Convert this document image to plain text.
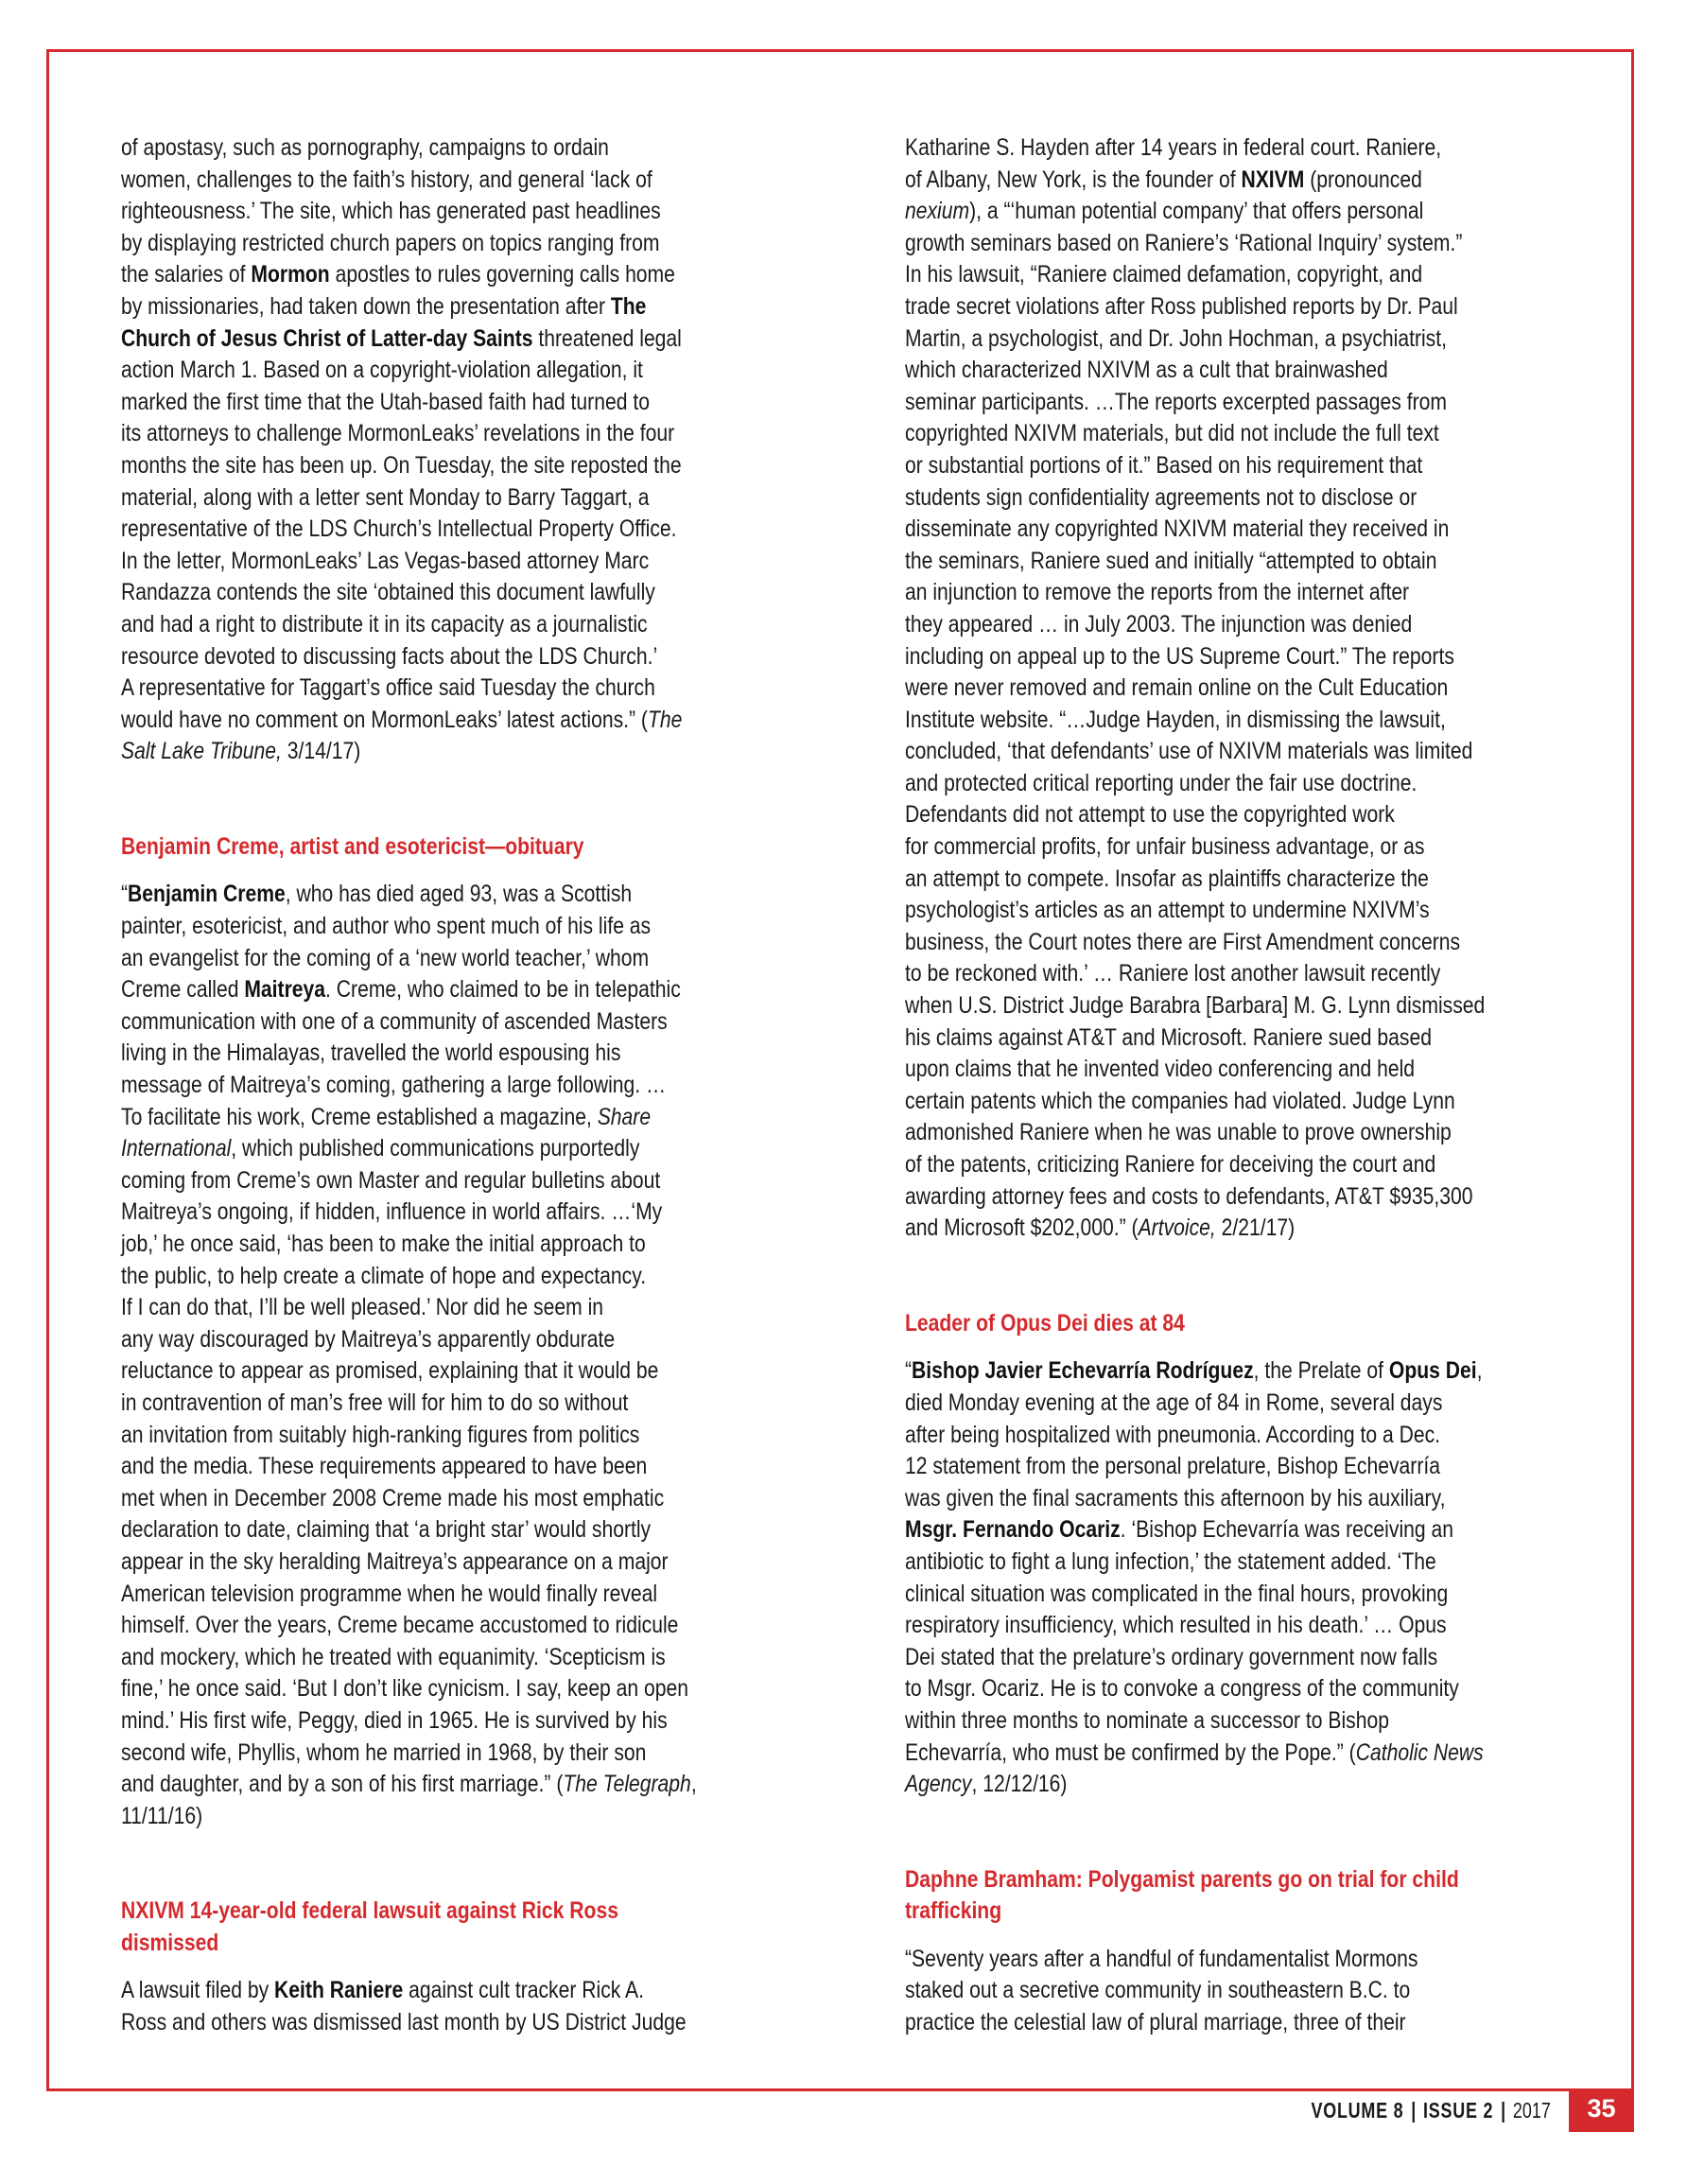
of apostasy, such as pornography, campaigns to ordain
women, challenges to the faith’s history, and general ‘lack of
righteousness.’ The site, which has generated past headlines
by displaying restricted church papers on topics ranging from
the salaries of Mormon apostles to rules governing calls home
by missionaries, had taken down the presentation after The
Church of Jesus Christ of Latter-day Saints threatened legal
action March 1. Based on a copyright-violation allegation, it
marked the first time that the Utah-based faith had turned to
its attorneys to challenge MormonLeaks’ revelations in the four
months the site has been up. On Tuesday, the site reposted the
material, along with a letter sent Monday to Barry Taggart, a
representative of the LDS Church’s Intellectual Property Office.
In the letter, MormonLeaks’ Las Vegas-based attorney Marc
Randazza contends the site ‘obtained this document lawfully
and had a right to distribute it in its capacity as a journalistic
resource devoted to discussing facts about the LDS Church.’
A representative for Taggart’s office said Tuesday the church
would have no comment on MormonLeaks’ latest actions.” (The
Salt Lake Tribune, 3/14/17)
Benjamin Creme, artist and esotericist—obituary
“Benjamin Creme, who has died aged 93, was a Scottish
painter, esotericist, and author who spent much of his life as
an evangelist for the coming of a ‘new world teacher,’ whom
Creme called Maitreya. Creme, who claimed to be in telepathic
communication with one of a community of ascended Masters
living in the Himalayas, travelled the world espousing his
message of Maitreya’s coming, gathering a large following. …
To facilitate his work, Creme established a magazine, Share
International, which published communications purportedly
coming from Creme’s own Master and regular bulletins about
Maitreya’s ongoing, if hidden, influence in world affairs. …‘My
job,’ he once said, ‘has been to make the initial approach to
the public, to help create a climate of hope and expectancy.
If I can do that, I’ll be well pleased.’ Nor did he seem in
any way discouraged by Maitreya’s apparently obdurate
reluctance to appear as promised, explaining that it would be
in contravention of man’s free will for him to do so without
an invitation from suitably high-ranking figures from politics
and the media. These requirements appeared to have been
met when in December 2008 Creme made his most emphatic
declaration to date, claiming that ‘a bright star’ would shortly
appear in the sky heralding Maitreya’s appearance on a major
American television programme when he would finally reveal
himself. Over the years, Creme became accustomed to ridicule
and mockery, which he treated with equanimity. ‘Scepticism is
fine,’ he once said. ‘But I don’t like cynicism. I say, keep an open
mind.’ His first wife, Peggy, died in 1965. He is survived by his
second wife, Phyllis, whom he married in 1968, by their son
and daughter, and by a son of his first marriage.” (The Telegraph,
11/11/16)
NXIVM 14-year-old federal lawsuit against Rick Ross
dismissed
A lawsuit filed by Keith Raniere against cult tracker Rick A.
Ross and others was dismissed last month by US District Judge
Katharine S. Hayden after 14 years in federal court. Raniere,
of Albany, New York, is the founder of NXIVM (pronounced
nexium), a “‘human potential company’ that offers personal
growth seminars based on Raniere’s ‘Rational Inquiry’ system.”
In his lawsuit, “Raniere claimed defamation, copyright, and
trade secret violations after Ross published reports by Dr. Paul
Martin, a psychologist, and Dr. John Hochman, a psychiatrist,
which characterized NXIVM as a cult that brainwashed
seminar participants. …The reports excerpted passages from
copyrighted NXIVM materials, but did not include the full text
or substantial portions of it.” Based on his requirement that
students sign confidentiality agreements not to disclose or
disseminate any copyrighted NXIVM material they received in
the seminars, Raniere sued and initially “attempted to obtain
an injunction to remove the reports from the internet after
they appeared … in July 2003. The injunction was denied
including on appeal up to the US Supreme Court.” The reports
were never removed and remain online on the Cult Education
Institute website. “…Judge Hayden, in dismissing the lawsuit,
concluded, ‘that defendants’ use of NXIVM materials was limited
and protected critical reporting under the fair use doctrine.
Defendants did not attempt to use the copyrighted work
for commercial profits, for unfair business advantage, or as
an attempt to compete. Insofar as plaintiffs characterize the
psychologist’s articles as an attempt to undermine NXIVM’s
business, the Court notes there are First Amendment concerns
to be reckoned with.’ … Raniere lost another lawsuit recently
when U.S. District Judge Barabra [Barbara] M. G. Lynn dismissed
his claims against AT&T and Microsoft. Raniere sued based
upon claims that he invented video conferencing and held
certain patents which the companies had violated. Judge Lynn
admonished Raniere when he was unable to prove ownership
of the patents, criticizing Raniere for deceiving the court and
awarding attorney fees and costs to defendants, AT&T $935,300
and Microsoft $202,000.” (Artvoice, 2/21/17)
Leader of Opus Dei dies at 84
“Bishop Javier Echevarría Rodríguez, the Prelate of Opus Dei,
died Monday evening at the age of 84 in Rome, several days
after being hospitalized with pneumonia. According to a Dec.
12 statement from the personal prelature, Bishop Echevarría
was given the final sacraments this afternoon by his auxiliary,
Msgr. Fernando Ocariz. ‘Bishop Echevarría was receiving an
antibiotic to fight a lung infection,’ the statement added. ‘The
clinical situation was complicated in the final hours, provoking
respiratory insufficiency, which resulted in his death.’ … Opus
Dei stated that the prelature’s ordinary government now falls
to Msgr. Ocariz. He is to convoke a congress of the community
within three months to nominate a successor to Bishop
Echevarría, who must be confirmed by the Pope.” (Catholic News
Agency, 12/12/16)
Daphne Bramham: Polygamist parents go on trial for child
trafficking
“Seventy years after a handful of fundamentalist Mormons
staked out a secretive community in southeastern B.C. to
practice the celestial law of plural marriage, three of their
VOLUME 8 | ISSUE 2 | 2017	35
